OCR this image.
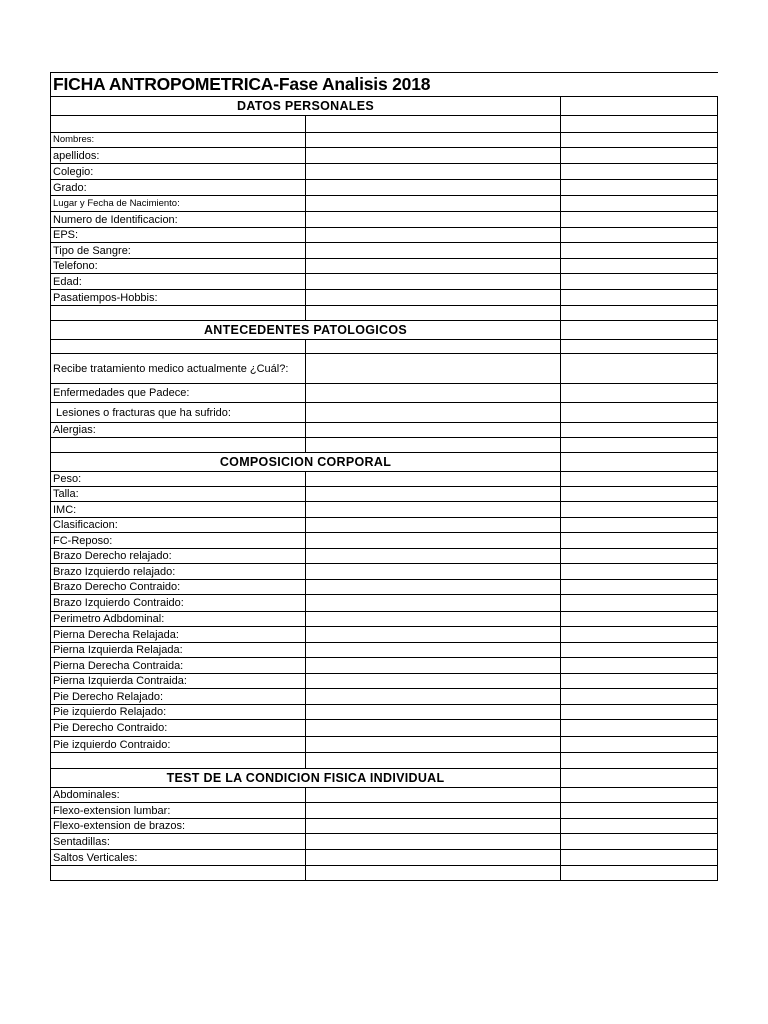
FICHA ANTROPOMETRICA-Fase Analisis 2018
DATOS PERSONALES		

Nombres:		
apellidos:		
Colegio:		
Grado:		
Lugar y Fecha de Nacimiento:		
Numero de Identificacion:		
EPS:		
Tipo de Sangre:		
Telefono:		
Edad:		
Pasatiempos-Hobbis:		

ANTECEDENTES PATOLOGICOS		

Recibe tratamiento medico actualmente ¿Cuál?:		
Enfermedades que Padece:		
Lesiones o fracturas que ha sufrido:		
Alergias:		

COMPOSICION CORPORAL		
Peso:		
Talla:		
IMC:		
Clasificacion:		
FC-Reposo:		
Brazo Derecho relajado:		
Brazo Izquierdo relajado:		
Brazo Derecho Contraido:		
Brazo Izquierdo Contraido:		
Perimetro Adbdominal:		
Pierna Derecha Relajada:		
Pierna Izquierda Relajada:		
Pierna Derecha Contraida:		
Pierna Izquierda Contraida:		
Pie Derecho Relajado:		
Pie izquierdo Relajado:		
Pie Derecho Contraido:		
Pie izquierdo Contraido:		

TEST DE LA CONDICION FISICA INDIVIDUAL		
Abdominales:		
Flexo-extension lumbar:		
Flexo-extension de brazos:		
Sentadillas:		
Saltos Verticales:		
